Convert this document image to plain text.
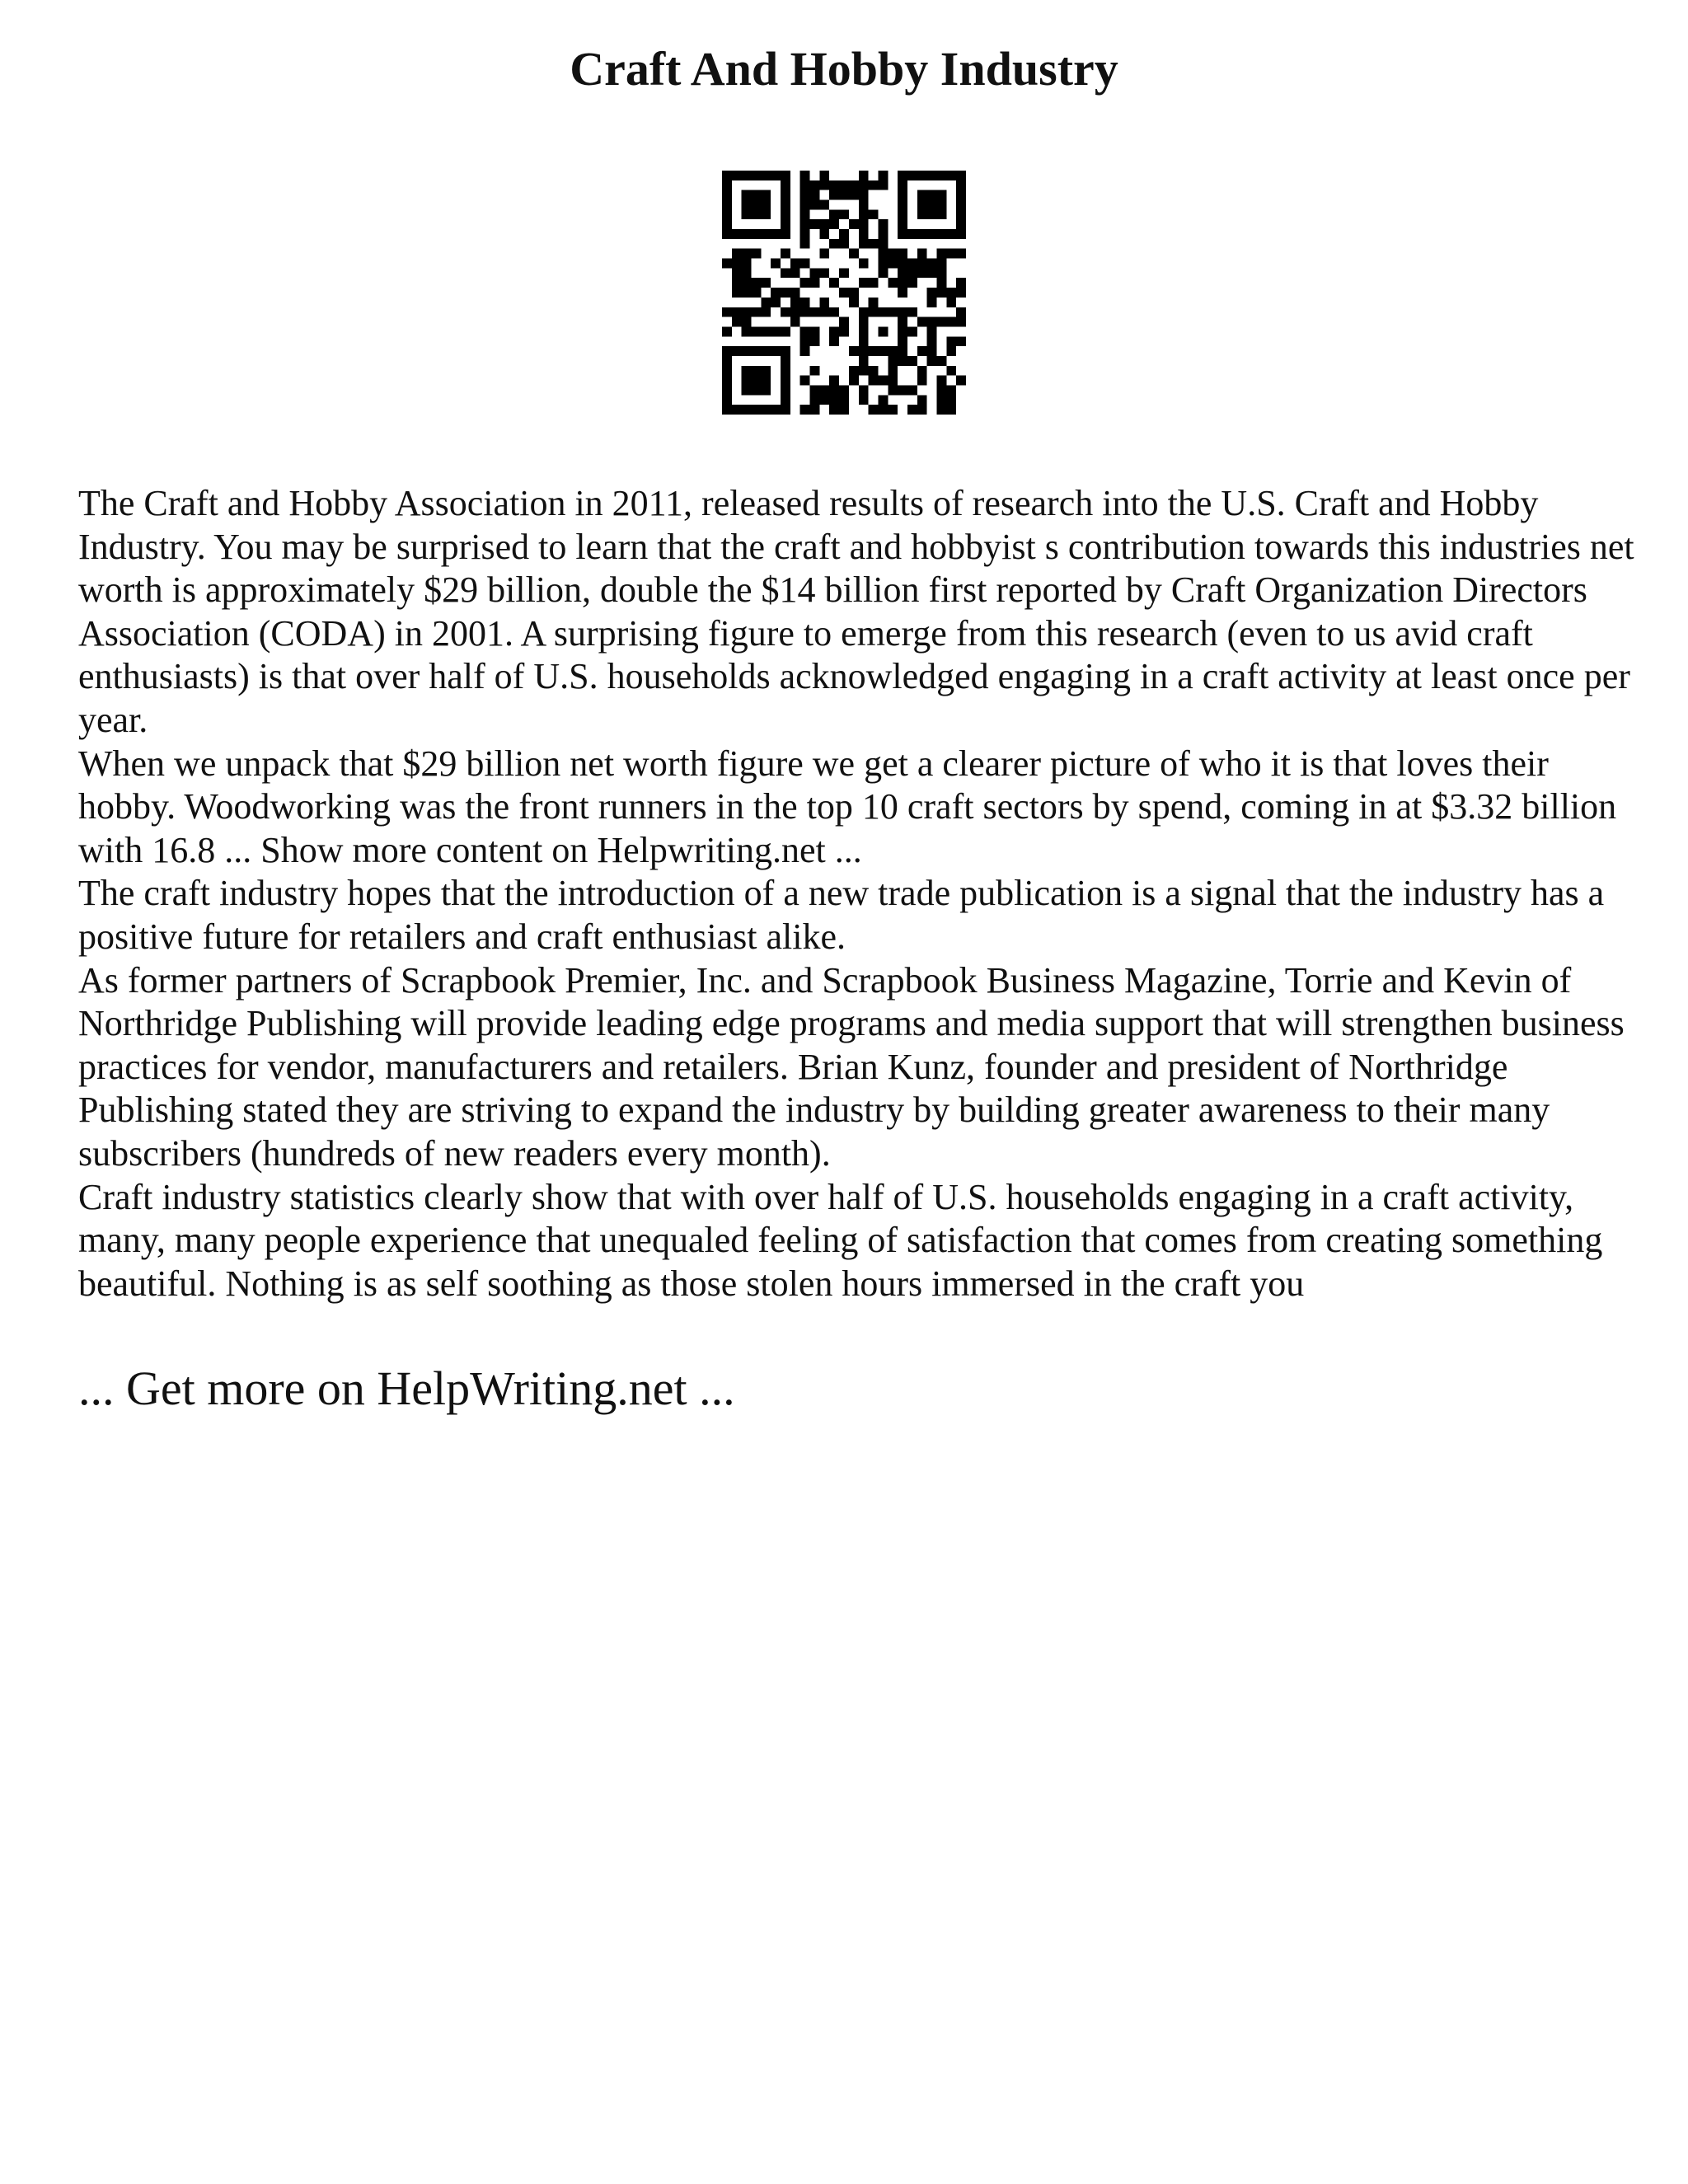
Craft And Hobby Industry

The Craft and Hobby Association in 2011, released results of research into the U.S. Craft and Hobby Industry. You may be surprised to learn that the craft and hobbyist s contribution towards this industries net worth is approximately $29 billion, double the $14 billion first reported by Craft Organization Directors Association (CODA) in 2001. A surprising figure to emerge from this research (even to us avid craft enthusiasts) is that over half of U.S. households acknowledged engaging in a craft activity at least once per year.

When we unpack that $29 billion net worth figure we get a clearer picture of who it is that loves their hobby. Woodworking was the front runners in the top 10 craft sectors by spend, coming in at $3.32 billion with 16.8 ... Show more content on Helpwriting.net ...

The craft industry hopes that the introduction of a new trade publication is a signal that the industry has a positive future for retailers and craft enthusiast alike.

As former partners of Scrapbook Premier, Inc. and Scrapbook Business Magazine, Torrie and Kevin of Northridge Publishing will provide leading edge programs and media support that will strengthen business practices for vendor, manufacturers and retailers. Brian Kunz, founder and president of Northridge Publishing stated they are striving to expand the industry by building greater awareness to their many subscribers (hundreds of new readers every month).

Craft industry statistics clearly show that with over half of U.S. households engaging in a craft activity, many, many people experience that unequaled feeling of satisfaction that comes from creating something beautiful. Nothing is as self soothing as those stolen hours immersed in the craft you

... Get more on HelpWriting.net ...
